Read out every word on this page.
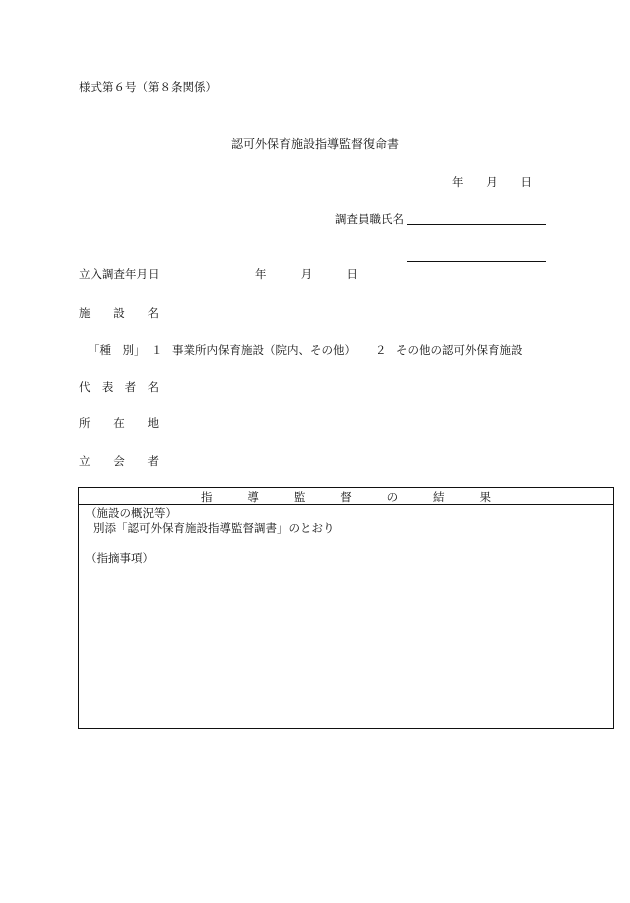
様式第６号（第８条関係）
認可外保育施設指導監督復命書
年 月 日
調査員職氏名
立入調査年月日	年	月	日
施 設 名
「種　別」 １ 事業所内保育施設（院内、その他） ２ その他の認可外保育施設
代 表 者 名
所 在 地
立 会 者
指	導	監	督	の	結	果
（施設の概況等）
別添「認可外保育施設指導監督調書」のとおり
（指摘事項）
